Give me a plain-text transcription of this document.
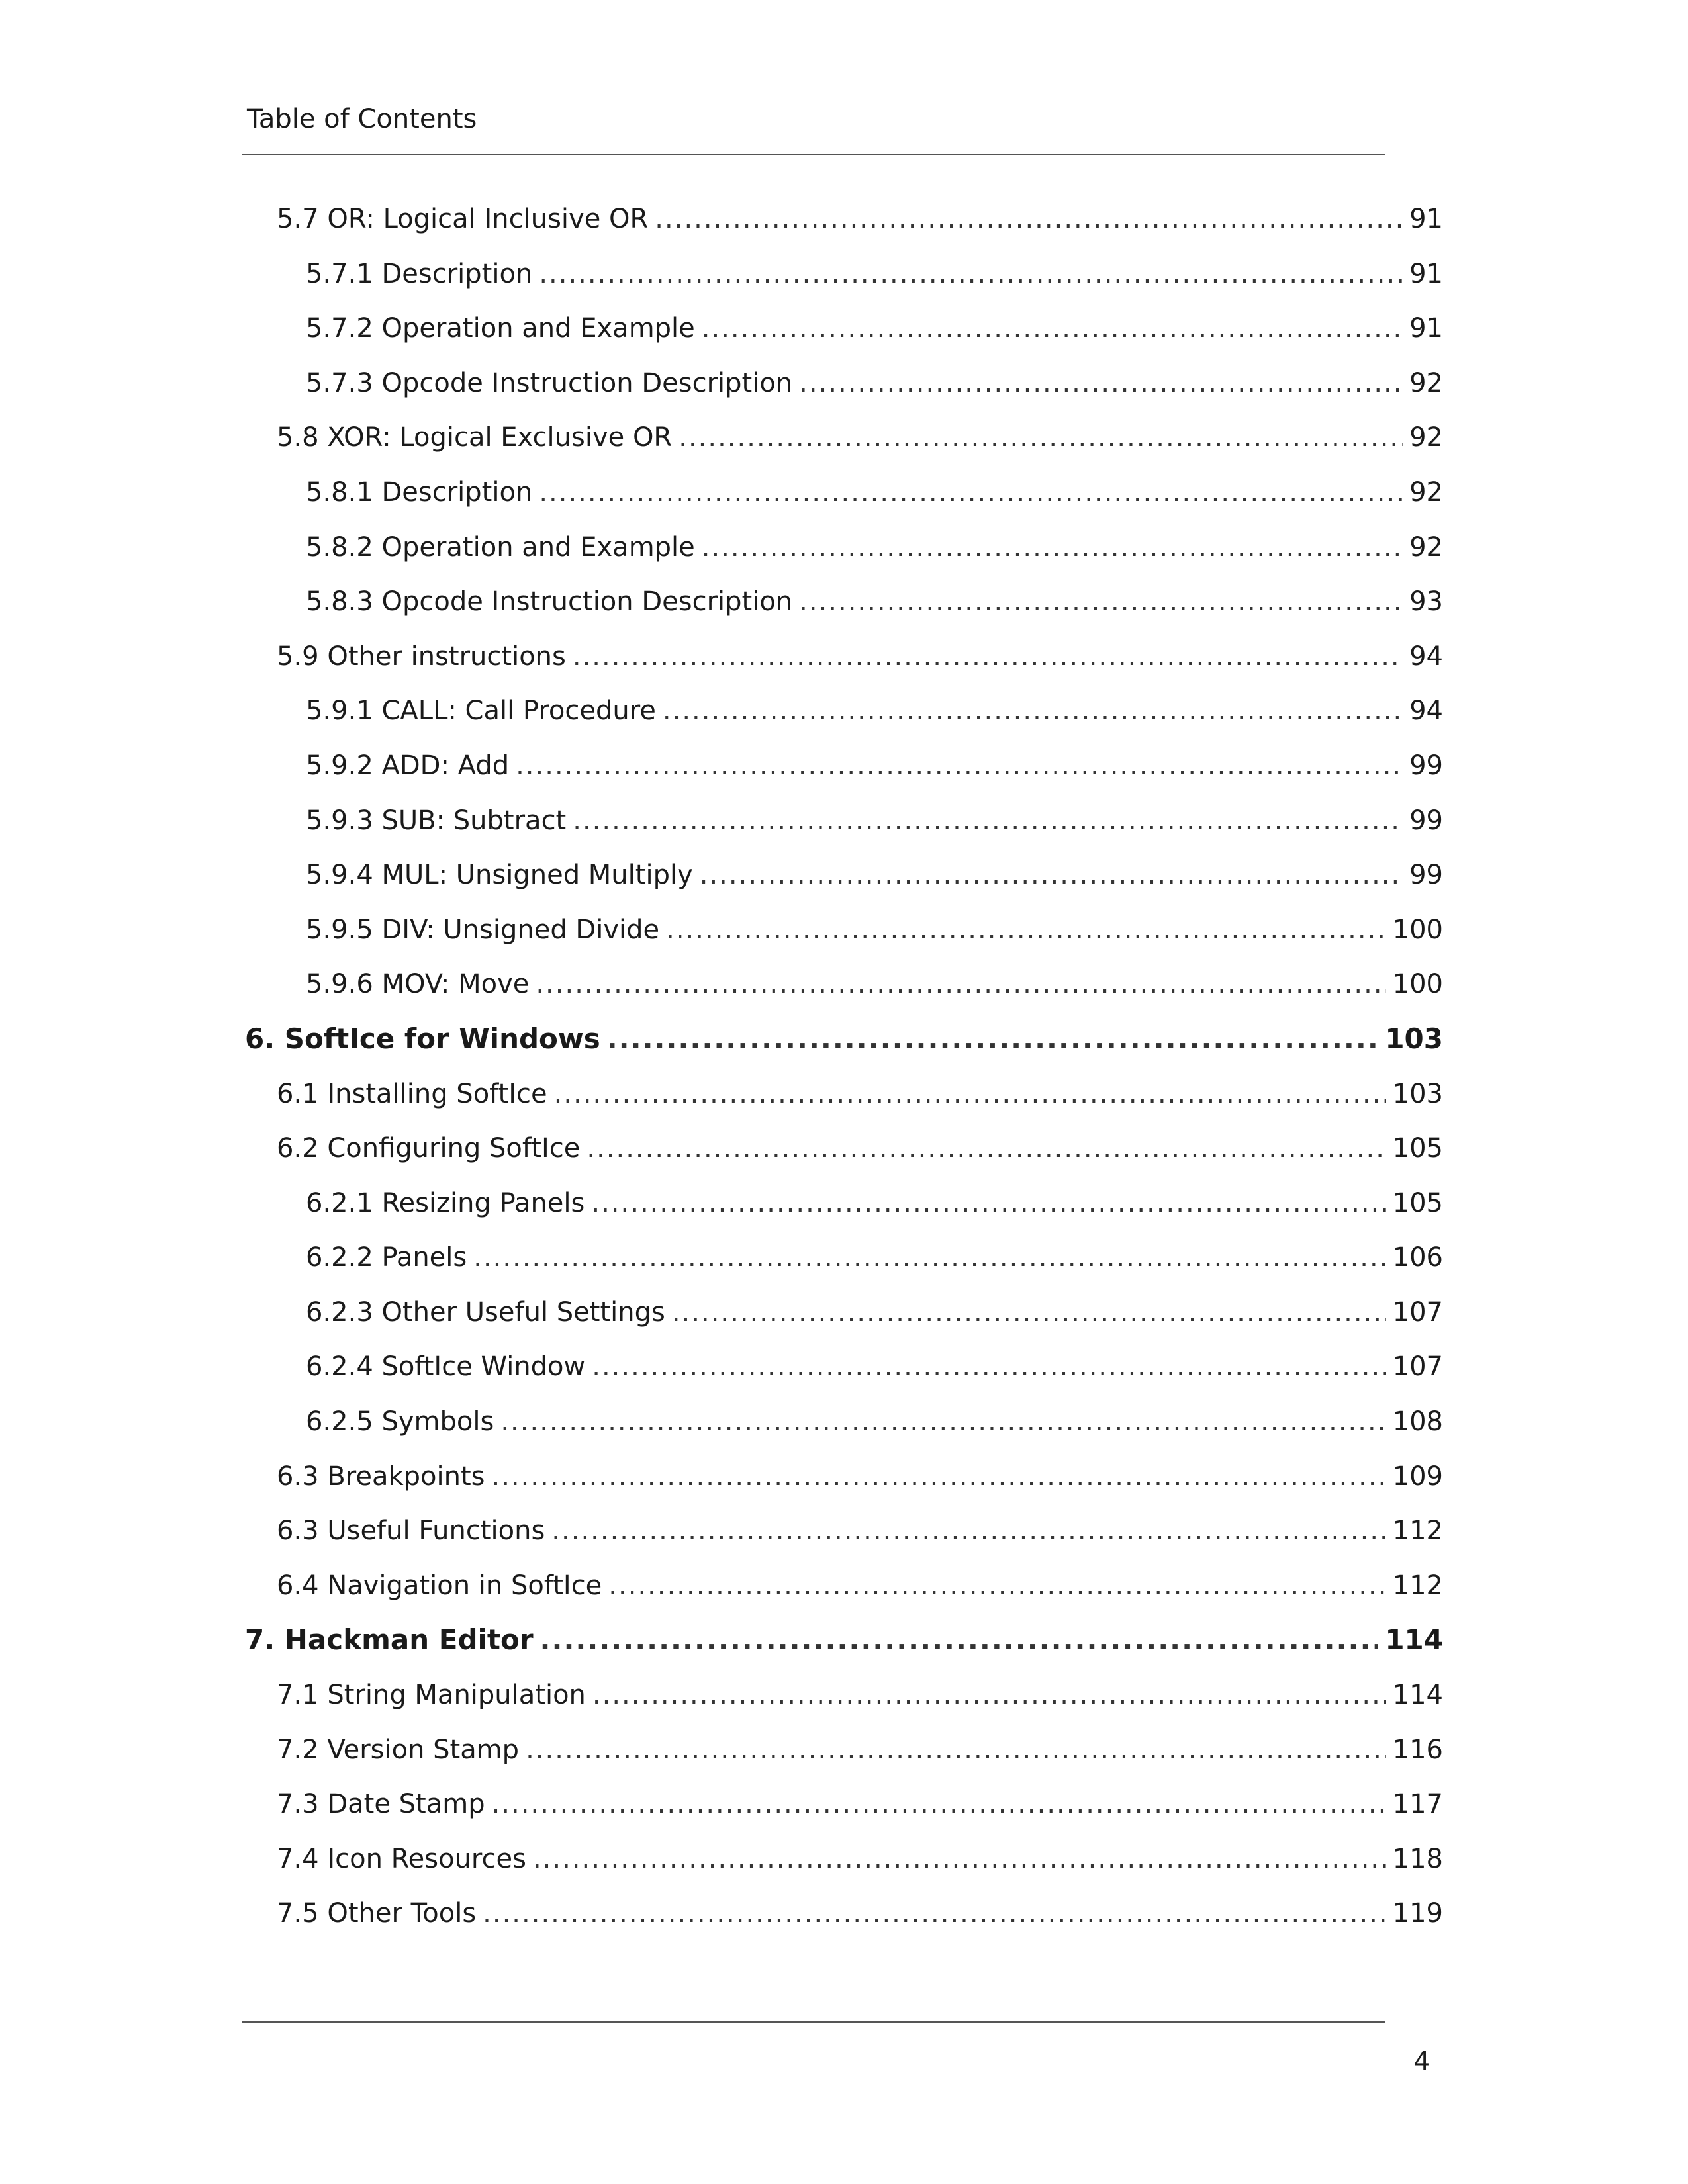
Table of Contents
5.7 OR: Logical Inclusive OR .....	91
5.7.1 Description .....	91
5.7.2 Operation and Example .....	91
5.7.3 Opcode Instruction Description .....	92
5.8 XOR: Logical Exclusive OR .....	92
5.8.1 Description .....	92
5.8.2 Operation and Example .....	92
5.8.3 Opcode Instruction Description .....	93
5.9 Other instructions .....	94
5.9.1 CALL: Call Procedure .....	94
5.9.2 ADD: Add .....	99
5.9.3 SUB: Subtract .....	99
5.9.4 MUL: Unsigned Multiply .....	99
5.9.5 DIV: Unsigned Divide .....	100
5.9.6 MOV: Move .....	100
6. SoftIce for Windows .....	103
6.1 Installing SoftIce .....	103
6.2 Configuring SoftIce .....	105
6.2.1 Resizing Panels .....	105
6.2.2 Panels .....	106
6.2.3 Other Useful Settings .....	107
6.2.4 SoftIce Window .....	107
6.2.5 Symbols .....	108
6.3 Breakpoints .....	109
6.3 Useful Functions .....	112
6.4 Navigation in SoftIce .....	112
7. Hackman Editor .....	114
7.1 String Manipulation .....	114
7.2 Version Stamp .....	116
7.3 Date Stamp .....	117
7.4 Icon Resources .....	118
7.5 Other Tools .....	119
4
